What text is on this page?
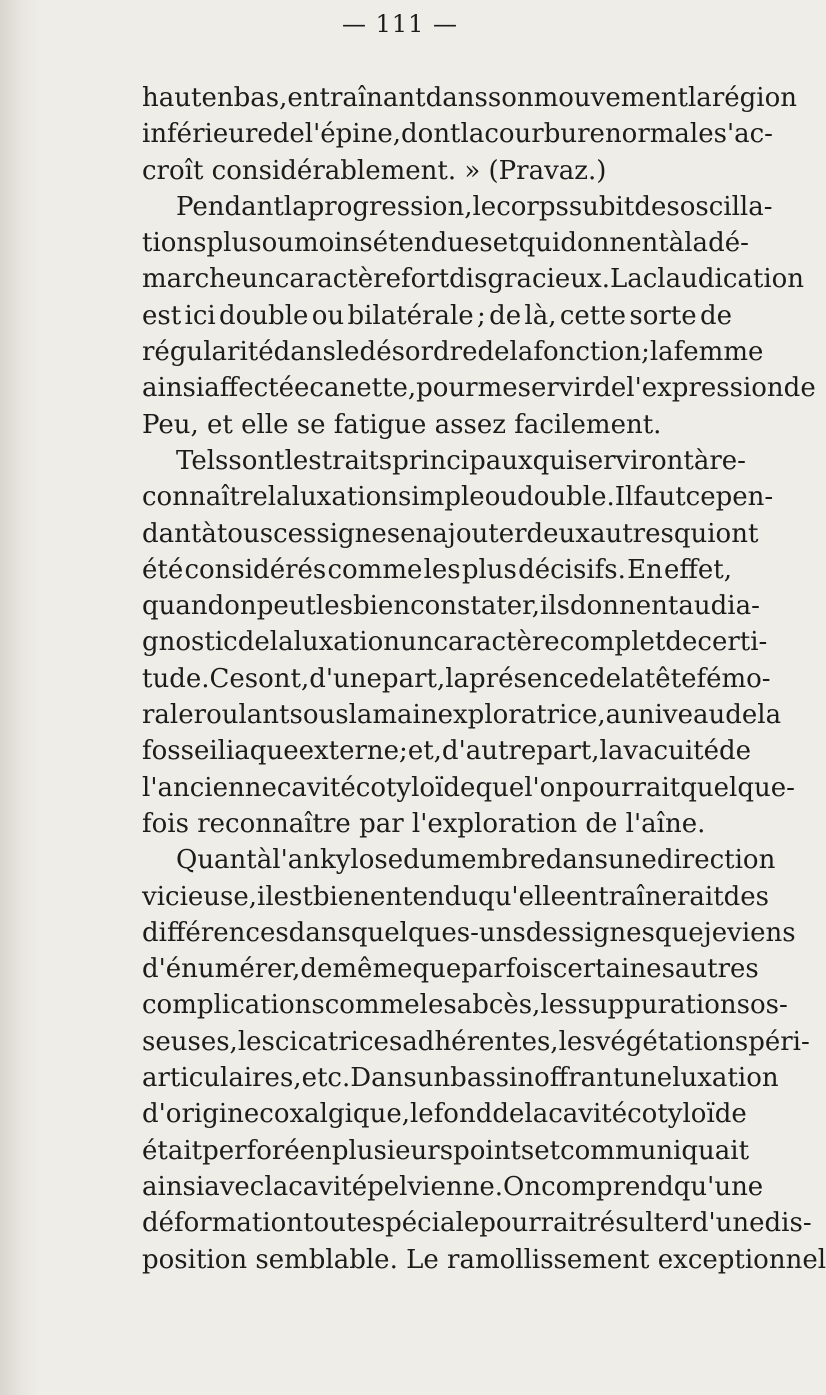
— 111 —
haut en bas, entraînant dans son mouvement la région
inférieure de l'épine, dont la courbure normale s'ac-
croît considérablement. » (Pravaz.)
Pendant la progression, le corps subit des oscilla-
tions plus ou moins étendues et qui donnent à la dé-
marche un caractère fort disgracieux. La claudication
est ici double ou bilatérale ; de là, cette sorte de
régularité dans le désordre de la fonction ; la femme
ainsi affectée canette, pour me servir de l'expression de
Peu, et elle se fatigue assez facilement.
Tels sont les traits principaux qui serviront à re-
connaître la luxation simple ou double. Il faut cepen-
dant à tous ces signes en ajouter deux autres qui ont
été considérés comme les plus décisifs. En effet,
quand on peut les bien constater, ils donnent au dia-
gnostic de la luxation un caractère complet de certi-
tude. Ce sont, d'une part, la présence de la tête fémo-
rale roulant sous la main exploratrice, au niveau de la
fosse iliaque externe ; et, d'autre part, la vacuité de
l'ancienne cavité cotyloïde que l'on pourrait quelque-
fois reconnaître par l'exploration de l'aîne.
Quant à l'ankylose du membre dans une direction
vicieuse, il est bien entendu qu'elle entraînerait des
différences dans quelques-uns des signes que je viens
d'énumérer, de même que parfois certaines autres
complications comme les abcès, les suppurations os-
seuses, les cicatrices adhérentes, les végétations péri-
articulaires, etc. Dans un bassin offrant une luxation
d'origine coxalgique, le fond de la cavité cotyloïde
était perforé en plusieurs points et communiquait
ainsi avec la cavité pelvienne. On comprend qu'une
déformation toute spéciale pourrait résulter d'une dis-
position semblable. Le ramollissement exceptionnel
